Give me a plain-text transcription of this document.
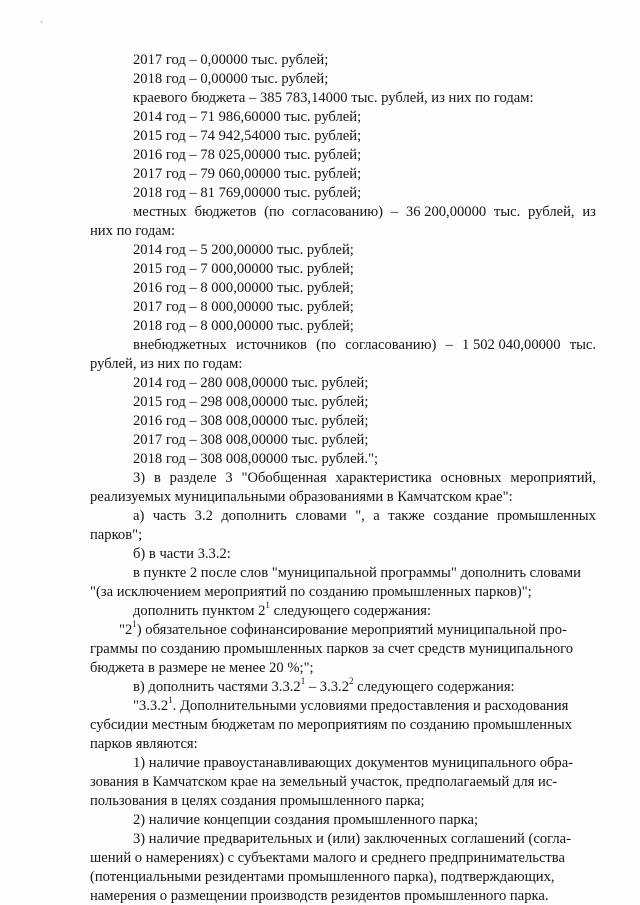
˴
2017 год – 0,00000 тыс. рублей;
2018 год – 0,00000 тыс. рублей;
краевого бюджета – 385 783,14000 тыс. рублей, из них по годам:
2014 год – 71 986,60000 тыс. рублей;
2015 год – 74 942,54000 тыс. рублей;
2016 год – 78 025,00000 тыс. рублей;
2017 год – 79 060,00000 тыс. рублей;
2018 год – 81 769,00000 тыс. рублей;
местных бюджетов (по согласованию) – 36 200,00000 тыс. рублей, из
них по годам:
2014 год – 5 200,00000 тыс. рублей;
2015 год – 7 000,00000 тыс. рублей;
2016 год – 8 000,00000 тыс. рублей;
2017 год – 8 000,00000 тыс. рублей;
2018 год – 8 000,00000 тыс. рублей;
внебюджетных источников (по согласованию) – 1 502 040,00000 тыс.
рублей, из них по годам:
2014 год – 280 008,00000 тыс. рублей;
2015 год – 298 008,00000 тыс. рублей;
2016 год – 308 008,00000 тыс. рублей;
2017 год – 308 008,00000 тыс. рублей;
2018 год – 308 008,00000 тыс. рублей.";
3) в разделе 3 "Обобщенная характеристика основных мероприятий,
реализуемых муниципальными образованиями в Камчатском крае":
а) часть 3.2 дополнить словами ", а также создание промышленных
парков";
б) в части 3.3.2:
в пункте 2 после слов "муниципальной программы" дополнить словами
"(за исключением мероприятий по созданию промышленных парков)";
дополнить пунктом $2^1$ следующего содержания:
"$2^1$) обязательное софинансирование мероприятий муниципальной про-
граммы по созданию промышленных парков за счет средств муниципального
бюджета в размере не менее 20 %;";
в) дополнить частями 3.3.2$^1$ – 3.3.2$^2$ следующего содержания:
"3.3.2$^1$. Дополнительными условиями предоставления и расходования
субсидии местным бюджетам по мероприятиям по созданию промышленных
парков являются:
1) наличие правоустанавливающих документов муниципального обра-
зования в Камчатском крае на земельный участок, предполагаемый для ис-
пользования в целях создания промышленного парка;
2) наличие концепции создания промышленного парка;
3) наличие предварительных и (или) заключенных соглашений (согла-
шений о намерениях) с субъектами малого и среднего предпринимательства
(потенциальными резидентами промышленного парка), подтверждающих,
намерения о размещении производств резидентов промышленного парка.
